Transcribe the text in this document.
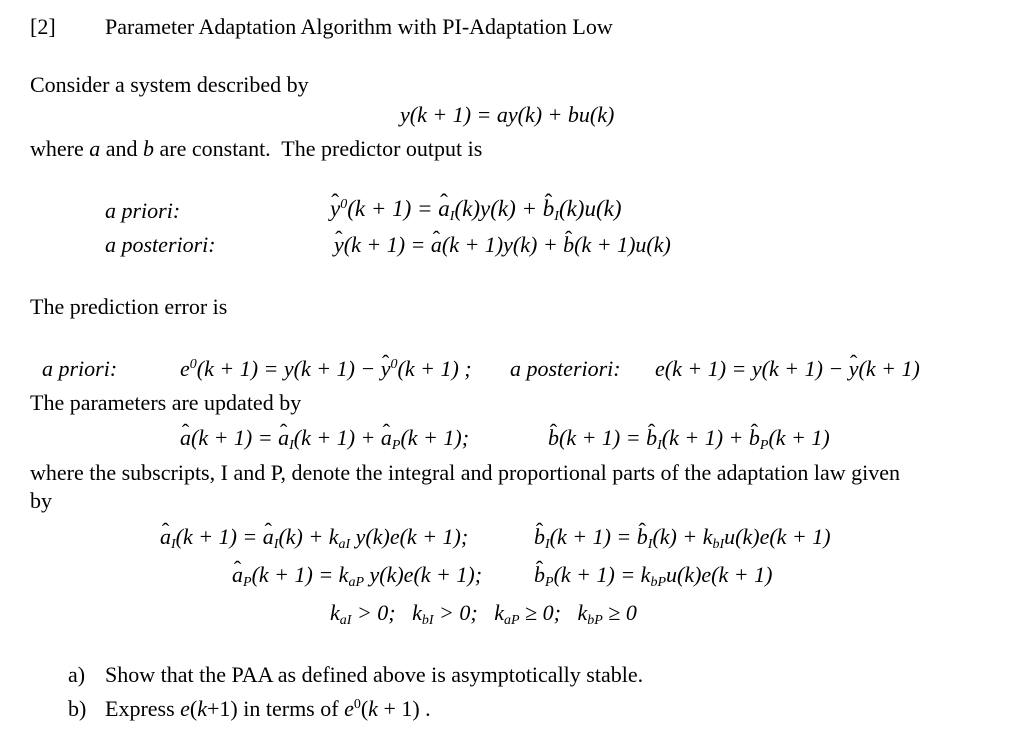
[2] Parameter Adaptation Algorithm with PI-Adaptation Low
Consider a system described by
y(k + 1) = ay(k) + bu(k)
where a and b are constant.  The predictor output is
a priori:	̂ $y^0(k + 1)$ = ̂ $a_I(k)y(k)$ + ̂ $b_I(k)u(k)$
a posteriori:	̂ y(k + 1) = ̂ a(k + 1)y(k) + ̂ b(k + 1)u(k)
The prediction error is
a priori:	$e^0(k + 1) = y(k + 1)$ − ̂ $y^0(k + 1)$ ; a posteriori: e(k + 1) = y(k + 1) − ̂ y(k + 1)
The parameters are updated by
̂ a(k + 1) = ̂ $a_I(k + 1)$ + ̂ $a_P(k + 1)$;	̂ b(k + 1) = ̂ $b_I(k + 1)$ + ̂ $b_P(k + 1)$
where the subscripts, I and P, denote the integral and proportional parts of the adaptation law given
by
̂ $a_I(k + 1)$ = ̂ $a_I(k) + k_{aI}$ y(k)e(k + 1);	̂ $b_I(k + 1)$ = ̂ $b_I(k) + k_{bI}u(k)e(k + 1)$
̂ $a_P(k + 1) = k_{aP}$ y(k)e(k + 1); ̂ $b_P(k + 1) = k_{bP}u(k)e(k + 1)$
$k_{aI} > 0$;   $k_{bI} > 0$;   $k_{aP} \ge 0$;   $k_{bP} \ge 0$
a) Show that the PAA as defined above is asymptotically stable.
b) Express e(k+1) in terms of $e^0(k + 1)$ .
